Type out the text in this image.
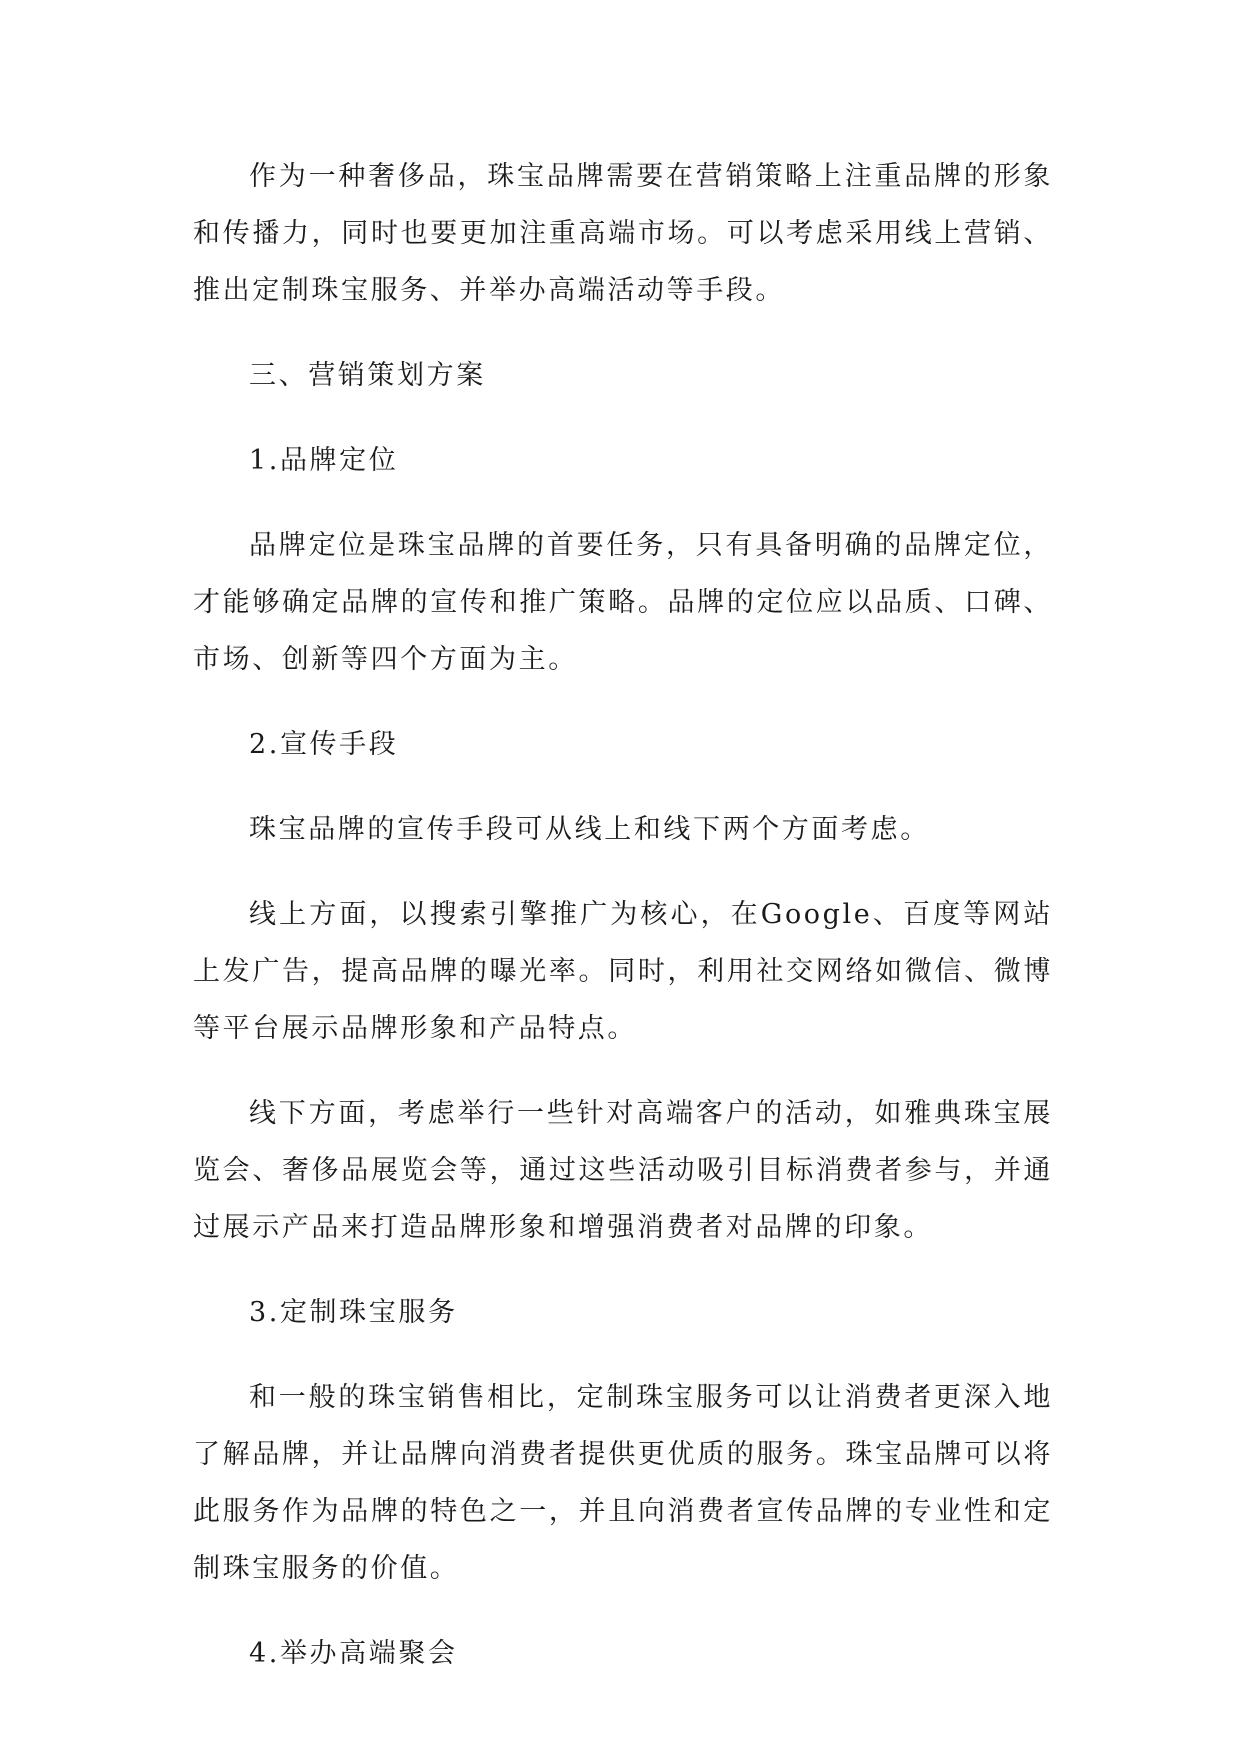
作为一种奢侈品，珠宝品牌需要在营销策略上注重品牌的形象和传播力，同时也要更加注重高端市场。可以考虑采用线上营销、推出定制珠宝服务、并举办高端活动等手段。

三、营销策划方案

1.品牌定位

品牌定位是珠宝品牌的首要任务，只有具备明确的品牌定位，才能够确定品牌的宣传和推广策略。品牌的定位应以品质、口碑、市场、创新等四个方面为主。

2.宣传手段

珠宝品牌的宣传手段可从线上和线下两个方面考虑。

线上方面，以搜索引擎推广为核心，在Google、百度等网站上发广告，提高品牌的曝光率。同时，利用社交网络如微信、微博等平台展示品牌形象和产品特点。

线下方面，考虑举行一些针对高端客户的活动，如雅典珠宝展览会、奢侈品展览会等，通过这些活动吸引目标消费者参与，并通过展示产品来打造品牌形象和增强消费者对品牌的印象。

3.定制珠宝服务

和一般的珠宝销售相比，定制珠宝服务可以让消费者更深入地了解品牌，并让品牌向消费者提供更优质的服务。珠宝品牌可以将此服务作为品牌的特色之一，并且向消费者宣传品牌的专业性和定制珠宝服务的价值。

4.举办高端聚会
